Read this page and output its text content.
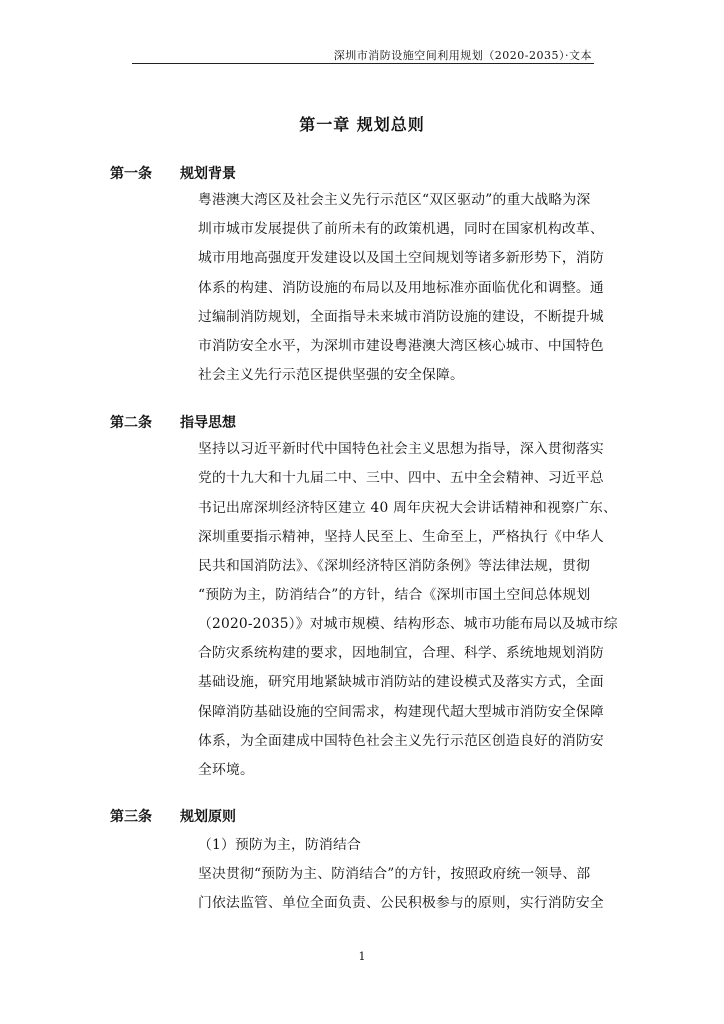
深圳市消防设施空间利用规划（2020-2035）·文本
第一章 规划总则
第一条 规划背景
粤港澳大湾区及社会主义先行示范区“双区驱动”的重大战略为深
圳市城市发展提供了前所未有的政策机遇，同时在国家机构改革、
城市用地高强度开发建设以及国土空间规划等诸多新形势下，消防
体系的构建、消防设施的布局以及用地标准亦面临优化和调整。通
过编制消防规划，全面指导未来城市消防设施的建设，不断提升城
市消防安全水平，为深圳市建设粤港澳大湾区核心城市、中国特色
社会主义先行示范区提供坚强的安全保障。
第二条 指导思想
坚持以习近平新时代中国特色社会主义思想为指导，深入贯彻落实
党的十九大和十九届二中、三中、四中、五中全会精神、习近平总
书记出席深圳经济特区建立 40 周年庆祝大会讲话精神和视察广东、
深圳重要指示精神，坚持人民至上、生命至上，严格执行《中华人
民共和国消防法》、《深圳经济特区消防条例》等法律法规，贯彻
“预防为主，防消结合”的方针，结合《深圳市国土空间总体规划
（2020-2035）》对城市规模、结构形态、城市功能布局以及城市综
合防灾系统构建的要求，因地制宜，合理、科学、系统地规划消防
基础设施，研究用地紧缺城市消防站的建设模式及落实方式，全面
保障消防基础设施的空间需求，构建现代超大型城市消防安全保障
体系，为全面建成中国特色社会主义先行示范区创造良好的消防安
全环境。
第三条 规划原则
（1）预防为主，防消结合
坚决贯彻“预防为主、防消结合”的方针，按照政府统一领导、部
门依法监管、单位全面负责、公民积极参与的原则，实行消防安全
1
